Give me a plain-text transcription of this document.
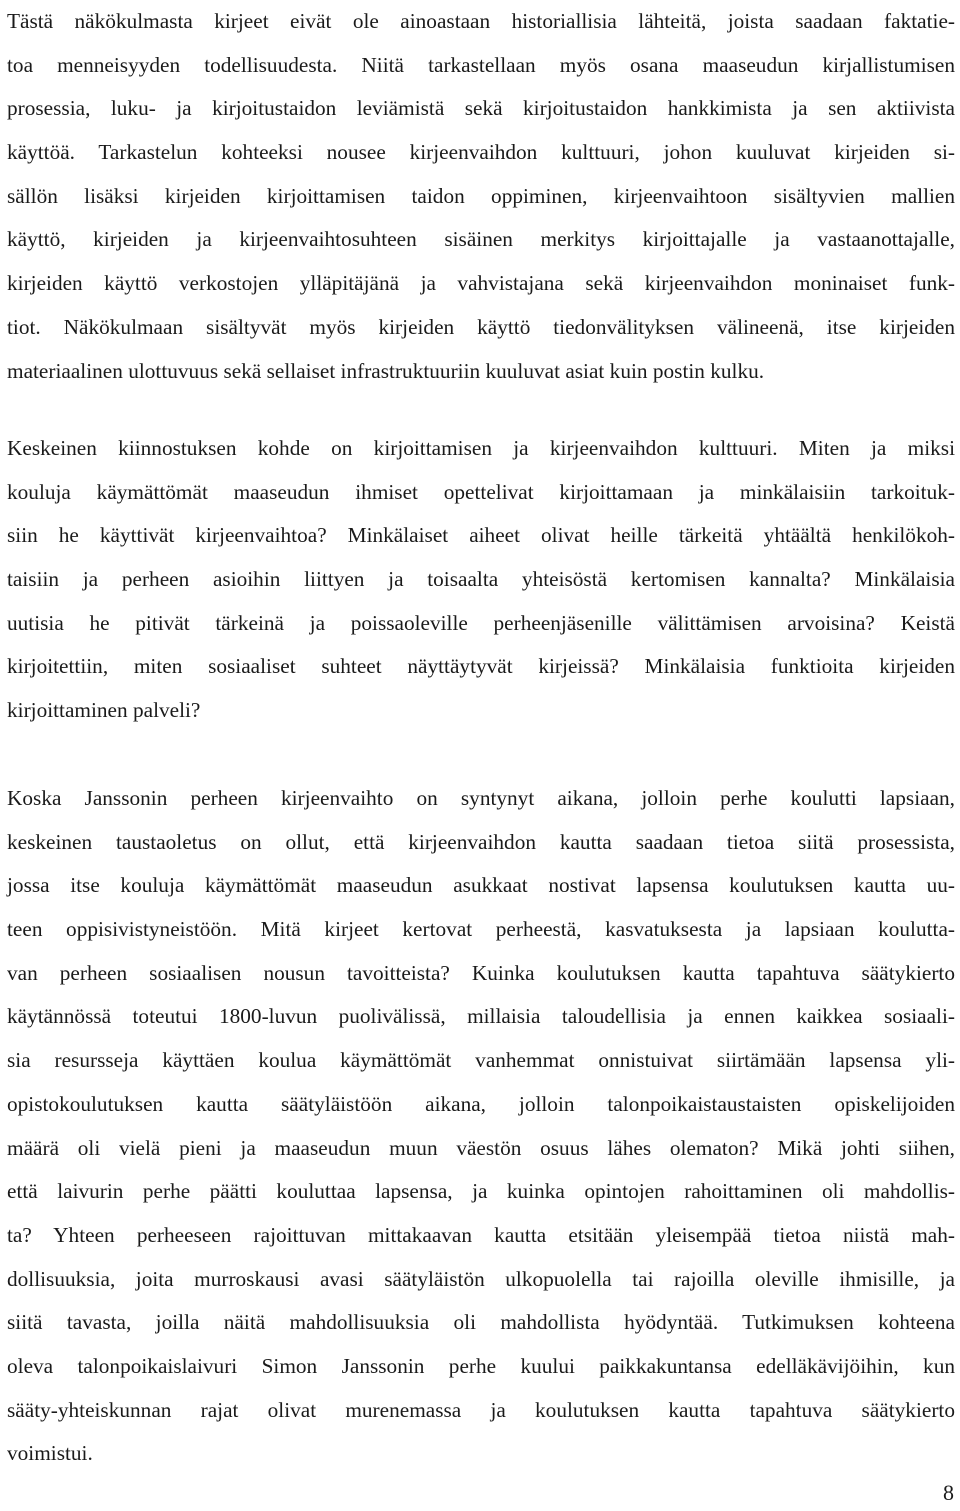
Tästä näkökulmasta kirjeet eivät ole ainoastaan historiallisia lähteitä, joista saadaan faktatie-
toa menneisyyden todellisuudesta. Niitä tarkastellaan myös osana maaseudun kirjallistumisen
prosessia, luku- ja kirjoitustaidon leviämistä sekä kirjoitustaidon hankkimista ja sen aktiivista
käyttöä. Tarkastelun kohteeksi nousee kirjeenvaihdon kulttuuri, johon kuuluvat kirjeiden si-
sällön lisäksi kirjeiden kirjoittamisen taidon oppiminen, kirjeenvaihtoon sisältyvien mallien
käyttö, kirjeiden ja kirjeenvaihtosuhteen sisäinen merkitys kirjoittajalle ja vastaanottajalle,
kirjeiden käyttö verkostojen ylläpitäjänä ja vahvistajana sekä kirjeenvaihdon moninaiset funk-
tiot. Näkökulmaan sisältyvät myös kirjeiden käyttö tiedonvälityksen välineenä, itse kirjeiden
materiaalinen ulottuvuus sekä sellaiset infrastruktuuriin kuuluvat asiat kuin postin kulku.

Keskeinen kiinnostuksen kohde on kirjoittamisen ja kirjeenvaihdon kulttuuri. Miten ja miksi
kouluja käymättömät maaseudun ihmiset opettelivat kirjoittamaan ja minkälaisiin tarkoituk-
siin he käyttivät kirjeenvaihtoa? Minkälaiset aiheet olivat heille tärkeitä yhtäältä henkilökoh-
taisiin ja perheen asioihin liittyen ja toisaalta yhteisöstä kertomisen kannalta? Minkälaisia
uutisia he pitivät tärkeinä ja poissaoleville perheenjäsenille välittämisen arvoisina? Keistä
kirjoitettiin, miten sosiaaliset suhteet näyttäytyvät kirjeissä? Minkälaisia funktioita kirjeiden
kirjoittaminen palveli?

Koska Janssonin perheen kirjeenvaihto on syntynyt aikana, jolloin perhe koulutti lapsiaan,
keskeinen taustaoletus on ollut, että kirjeenvaihdon kautta saadaan tietoa siitä prosessista,
jossa itse kouluja käymättömät maaseudun asukkaat nostivat lapsensa koulutuksen kautta uu-
teen oppisivistyneistöön. Mitä kirjeet kertovat perheestä, kasvatuksesta ja lapsiaan koulutta-
van perheen sosiaalisen nousun tavoitteista? Kuinka koulutuksen kautta tapahtuva säätykierto
käytännössä toteutui 1800-luvun puolivälissä, millaisia taloudellisia ja ennen kaikkea sosiaali-
sia resursseja käyttäen koulua käymättömät vanhemmat onnistuivat siirtämään lapsensa yli-
opistokoulutuksen kautta säätyläistöön aikana, jolloin talonpoikaistaustaisten opiskelijoiden
määrä oli vielä pieni ja maaseudun muun väestön osuus lähes olematon? Mikä johti siihen,
että laivurin perhe päätti kouluttaa lapsensa, ja kuinka opintojen rahoittaminen oli mahdollis-
ta? Yhteen perheeseen rajoittuvan mittakaavan kautta etsitään yleisempää tietoa niistä mah-
dollisuuksia, joita murroskausi avasi säätyläistön ulkopuolella tai rajoilla oleville ihmisille, ja
siitä tavasta, joilla näitä mahdollisuuksia oli mahdollista hyödyntää. Tutkimuksen kohteena
oleva talonpoikaislaivuri Simon Janssonin perhe kuului paikkakuntansa edelläkävijöihin, kun
sääty-yhteiskunnan rajat olivat murenemassa ja koulutuksen kautta tapahtuva säätykierto
voimistui.

8
